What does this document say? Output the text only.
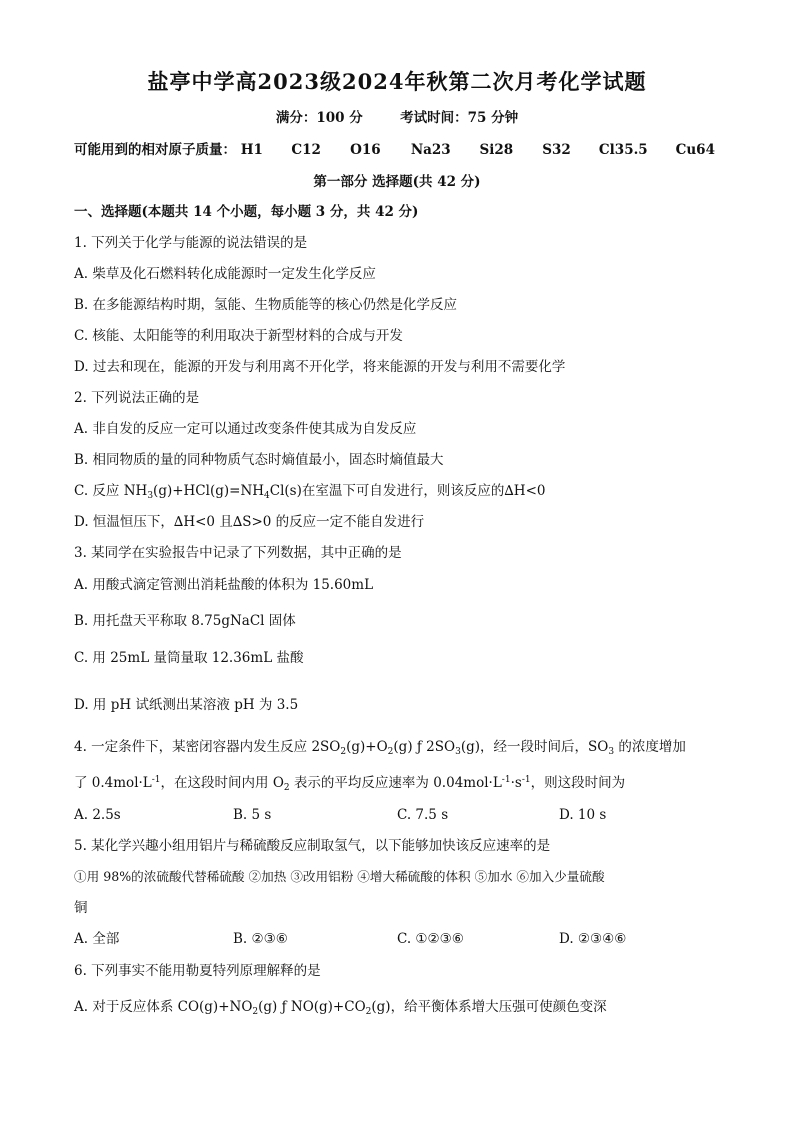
盐亭中学高2023级2024年秋第二次月考化学试题
满分：100 分	考试时间：75 分钟
可能用到的相对原子质量： H1 C12 O16 Na23 Si28 S32 Cl35.5 Cu64
第一部分 选择题(共 42 分)
一、选择题(本题共 14 个小题，每小题 3 分，共 42 分)
1. 下列关于化学与能源的说法错误的是
A. 柴草及化石燃料转化成能源时一定发生化学反应
B. 在多能源结构时期，氢能、生物质能等的核心仍然是化学反应
C. 核能、太阳能等的利用取决于新型材料的合成与开发
D. 过去和现在，能源的开发与利用离不开化学，将来能源的开发与利用不需要化学
2. 下列说法正确的是
A. 非自发的反应一定可以通过改变条件使其成为自发反应
B. 相同物质的量的同种物质气态时熵值最小，固态时熵值最大
C. 反应 $NH_3(g)+HCl(g)=NH_4Cl(s)$在室温下可自发进行，则该反应的∆H<0
D. 恒温恒压下，∆H<0 且∆S>0 的反应一定不能自发进行
3. 某同学在实验报告中记录了下列数据，其中正确的是
A. 用酸式滴定管测出消耗盐酸的体积为 15.60mL
B. 用托盘天平称取 8.75gNaCl 固体
C. 用 25mL 量筒量取 12.36mL 盐酸
D. 用 pH 试纸测出某溶液 pH 为 3.5
4. 一定条件下，某密闭容器内发生反应 $2SO_2(g)+O_2(g)$ ƒ $2SO_3(g)$，经一段时间后，$SO_3$ 的浓度增加
了 $0.4mol\cdot L^{-1}$，在这段时间内用 $O_2$ 表示的平均反应速率为 $0.04mol\cdot L^{-1}\cdot s^{-1}$，则这段时间为
A. 2.5s	B. 5 s	C. 7.5 s	D. 10 s
5. 某化学兴趣小组用铝片与稀硫酸反应制取氢气，以下能够加快该反应速率的是
①用 98%的浓硫酸代替稀硫酸 ②加热 ③改用铝粉 ④增大稀硫酸的体积 ⑤加水 ⑥加入少量硫酸
铜
A. 全部	B. ②③⑥	C. ①②③⑥	D. ②③④⑥
6. 下列事实不能用勒夏特列原理解释的是
A. 对于反应体系 $CO(g)+NO_2(g)$ ƒ $NO(g)+CO_2(g)$，给平衡体系增大压强可使颜色变深
